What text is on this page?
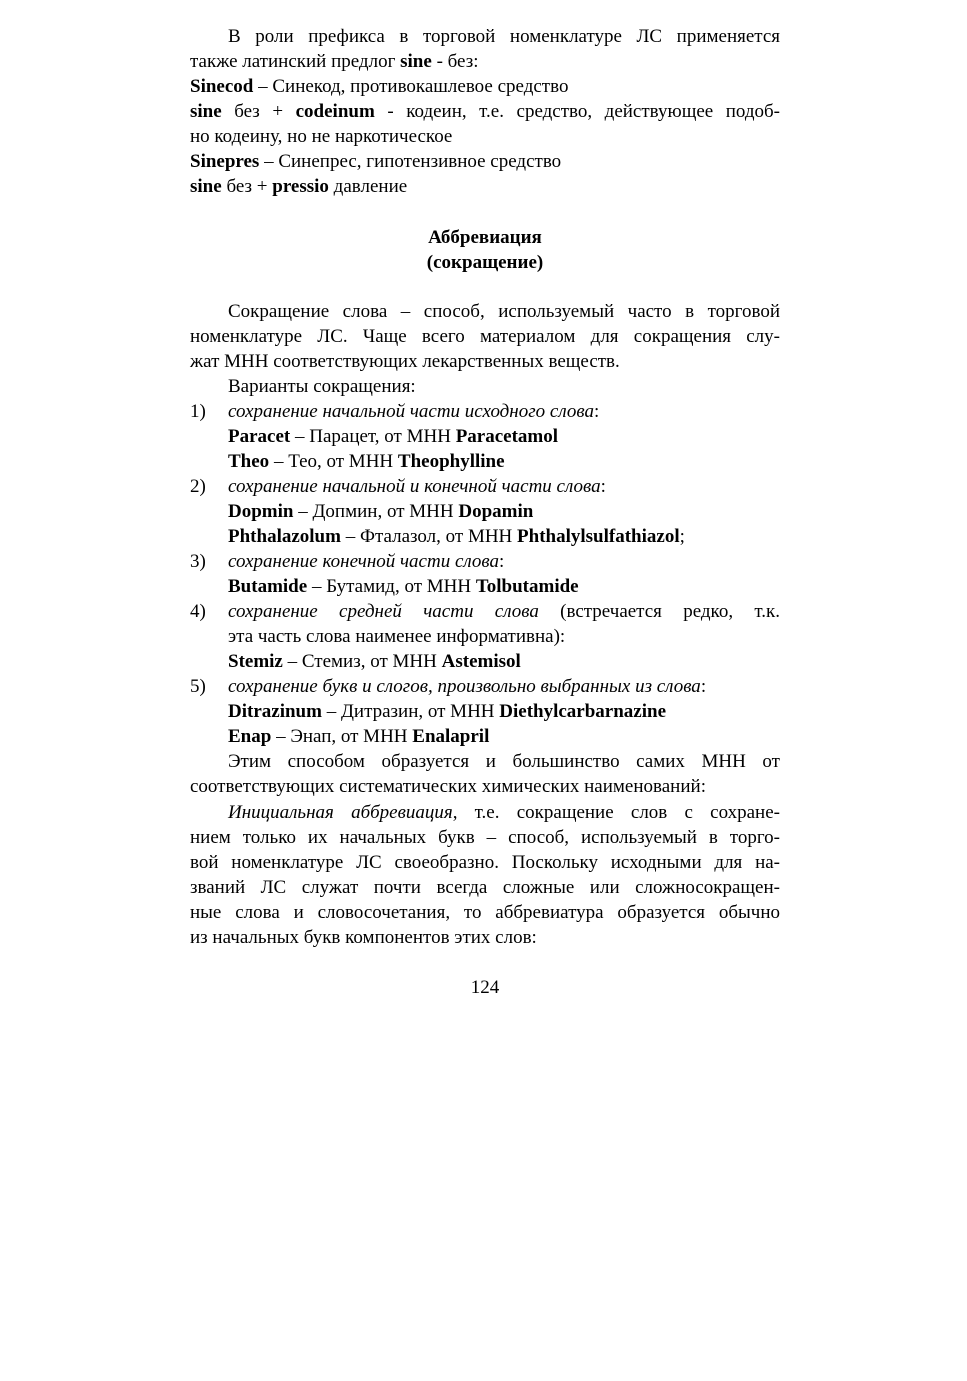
В роли префикса в торговой номенклатуре ЛС применяется
также латинский предлог sine - без:
Sinecod – Синекод, противокашлевое средство
sine без + codeinum - кодеин, т.е. средство, действующее подоб-
но кодеину, но не наркотическое
Sinepres – Синепрес, гипотензивное средство
sine без + pressio давление
Аббревиация
(сокращение)
Сокращение слова – способ, используемый часто в торговой
номенклатуре ЛС. Чаще всего материалом для сокращения слу-
жат МНН соответствующих лекарственных веществ.
Варианты сокращения:
1) сохранение начальной части исходного слова:
Paracet – Парацет, от МНН Paracetamol
Theo – Тео, от МНН Theophylline
2) сохранение начальной и конечной части слова:
Dopmin – Допмин, от МНН Dopamin
Phthalazolum – Фталазол, от МНН Phthalylsulfathiazol;
3) сохранение конечной части слова:
Butamide – Бутамид, от МНН Tolbutamide
4) сохранение средней части слова (встречается редко, т.к.
эта часть слова наименее информативна):
Stemiz – Стемиз, от МНН Astemisol
5) сохранение букв и слогов, произвольно выбранных из слова:
Ditrazinum – Дитразин, от МНН Diethylcarbarnazine
Enap – Энап, от МНН Enalapril
Этим способом образуется и большинство самих МНН от
соответствующих систематических химических наименований:
Инициальная аббревиация, т.е. сокращение слов с сохране-
нием только их начальных букв – способ, используемый в торго-
вой номенклатуре ЛС своеобразно. Поскольку исходными для на-
званий ЛС служат почти всегда сложные или сложносокращен-
ные слова и словосочетания, то аббревиатура образуется обычно
из начальных букв компонентов этих слов:
124
